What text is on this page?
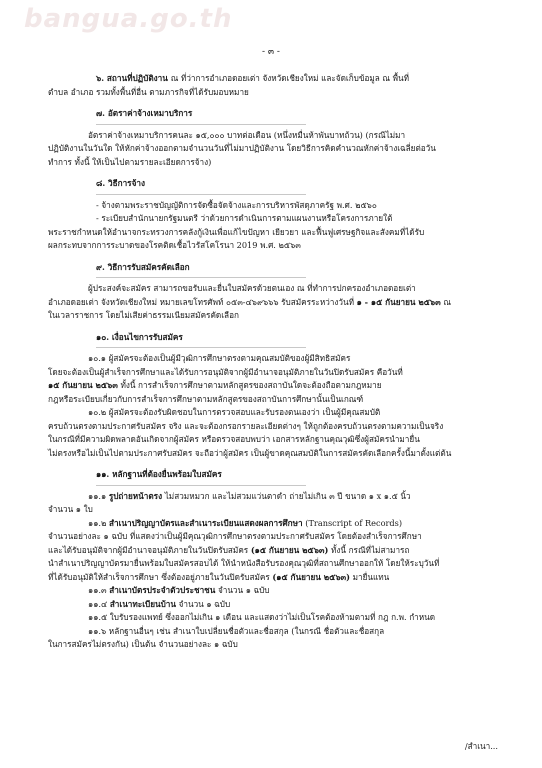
bangua.go.th
- ๓ -

๖. สถานที่ปฏิบัติงาน ณ ที่ว่าการอำเภอดอยเต่า จังหวัดเชียงใหม่ และจัดเก็บข้อมูล ณ พื้นที่

ตำบล อำเภอ รวมทั้งพื้นที่อื่น ตามภารกิจที่ได้รับมอบหมาย

๗. อัตราค่าจ้างเหมาบริการ

อัตราค่าจ้างเหมาบริการคนละ ๑๕,๐๐๐ บาทต่อเดือน (หนึ่งหมื่นห้าพันบาทถ้วน) (กรณีไม่มา

ปฏิบัติงานในวันใด ให้หักค่าจ้างออกตามจำนวนวันที่ไม่มาปฏิบัติงาน โดยวิธีการคิดคำนวณหักค่าจ้างเฉลี่ยต่อวัน

ทำการ ทั้งนี้ ให้เป็นไปตามรายละเอียดการจ้าง)

๘. วิธีการจ้าง

- จ้างตามพระราชบัญญัติการจัดซื้อจัดจ้างและการบริหารพัสดุภาครัฐ พ.ศ. ๒๕๖๐

- ระเบียบสำนักนายกรัฐมนตรี ว่าด้วยการดำเนินการตามแผนงานหรือโครงการภายใต้

พระราชกำหนดให้อำนาจกระทรวงการคลังกู้เงินเพื่อแก้ไขปัญหา เยียวยา และฟื้นฟูเศรษฐกิจและสังคมที่ได้รับ

ผลกระทบจากการระบาดของโรคติดเชื้อไวรัสโคโรนา 2019 พ.ศ. ๒๕๖๓

๙. วิธีการรับสมัครคัดเลือก

ผู้ประสงค์จะสมัคร สามารถขอรับและยื่นใบสมัครด้วยตนเอง ณ ที่ทำการปกครองอำเภอดอยเต่า

อำเภอดอยเต่า จังหวัดเชียงใหม่ หมายเลขโทรศัพท์ ๐๕๓-๔๖๙๖๖๖ รับสมัครระหว่างวันที่ ๑ - ๑๕ กันยายน ๒๕๖๓ ณ

ในเวลาราชการ โดยไม่เสียค่าธรรมเนียมสมัครคัดเลือก

๑๐. เงื่อนไขการรับสมัคร

๑๐.๑ ผู้สมัครจะต้องเป็นผู้มีวุฒิการศึกษาตรงตามคุณสมบัติของผู้มีสิทธิสมัคร

โดยจะต้องเป็นผู้สำเร็จการศึกษาและได้รับการอนุมัติจากผู้มีอำนาจอนุมัติภายในวันปิดรับสมัคร คือวันที่

๑๕ กันยายน ๒๕๖๓ ทั้งนี้ การสำเร็จการศึกษาตามหลักสูตรของสถาบันใดจะต้องถือตามกฎหมาย

กฎหรือระเบียบเกี่ยวกับการสำเร็จการศึกษาตามหลักสูตรของสถาบันการศึกษานั้นเป็นเกณฑ์

๑๐.๒ ผู้สมัครจะต้องรับผิดชอบในการตรวจสอบและรับรองตนเองว่า เป็นผู้มีคุณสมบัติ

ครบถ้วนตรงตามประกาศรับสมัคร จริง และจะต้องกรอกรายละเอียดต่างๆ ให้ถูกต้องครบถ้วนตรงตามความเป็นจริง

ในกรณีที่มีความผิดพลาดอันเกิดจากผู้สมัคร หรือตรวจสอบพบว่า เอกสารหลักฐานคุณวุฒิซึ่งผู้สมัครนำมายื่น

ไม่ตรงหรือไม่เป็นไปตามประกาศรับสมัคร จะถือว่าผู้สมัคร เป็นผู้ขาดคุณสมบัติในการสมัครคัดเลือกครั้งนี้มาตั้งแต่ต้น

๑๑. หลักฐานที่ต้องยื่นพร้อมใบสมัคร

๑๑.๑ รูปถ่ายหน้าตรง ไม่สวมหมวก และไม่สวมแว่นตาดำ ถ่ายไม่เกิน ๓ ปี ขนาด ๑ x ๑.๕ นิ้ว

จำนวน ๑ ใบ

๑๑.๒ สำเนาปริญญาบัตรและสำเนาระเบียนแสดงผลการศึกษา (Transcript of Records)

จำนวนอย่างละ ๑ ฉบับ ที่แสดงว่าเป็นผู้มีคุณวุฒิการศึกษาตรงตามประกาศรับสมัคร โดยต้องสำเร็จการศึกษา

และได้รับอนุมัติจากผู้มีอำนาจอนุมัติภายในวันปิดรับสมัคร (๑๕ กันยายน ๒๕๖๓) ทั้งนี้ กรณีที่ไม่สามารถ

นำสำเนาปริญญาบัตรมายื่นพร้อมใบสมัครสอบได้ ให้นำหนังสือรับรองคุณวุฒิที่สถานศึกษาออกให้ โดยให้ระบุวันที่

ที่ได้รับอนุมัติให้สำเร็จการศึกษา ซึ่งต้องอยู่ภายในวันปิดรับสมัคร (๑๕ กันยายน ๒๕๖๓) มายื่นแทน

๑๑.๓ สำเนาบัตรประจำตัวประชาชน จำนวน ๑ ฉบับ

๑๑.๔ สำเนาทะเบียนบ้าน จำนวน ๑ ฉบับ

๑๑.๕ ใบรับรองแพทย์ ซึ่งออกไม่เกิน ๑ เดือน และแสดงว่าไม่เป็นโรคต้องห้ามตามที่ กฎ ก.พ. กำหนด

๑๑.๖ หลักฐานอื่นๆ เช่น สำเนาใบเปลี่ยนชื่อตัวและชื่อสกุล (ในกรณี ชื่อตัวและชื่อสกุล

ในการสมัครไม่ตรงกัน) เป็นต้น จำนวนอย่างละ ๑ ฉบับ

/สำเนา...
